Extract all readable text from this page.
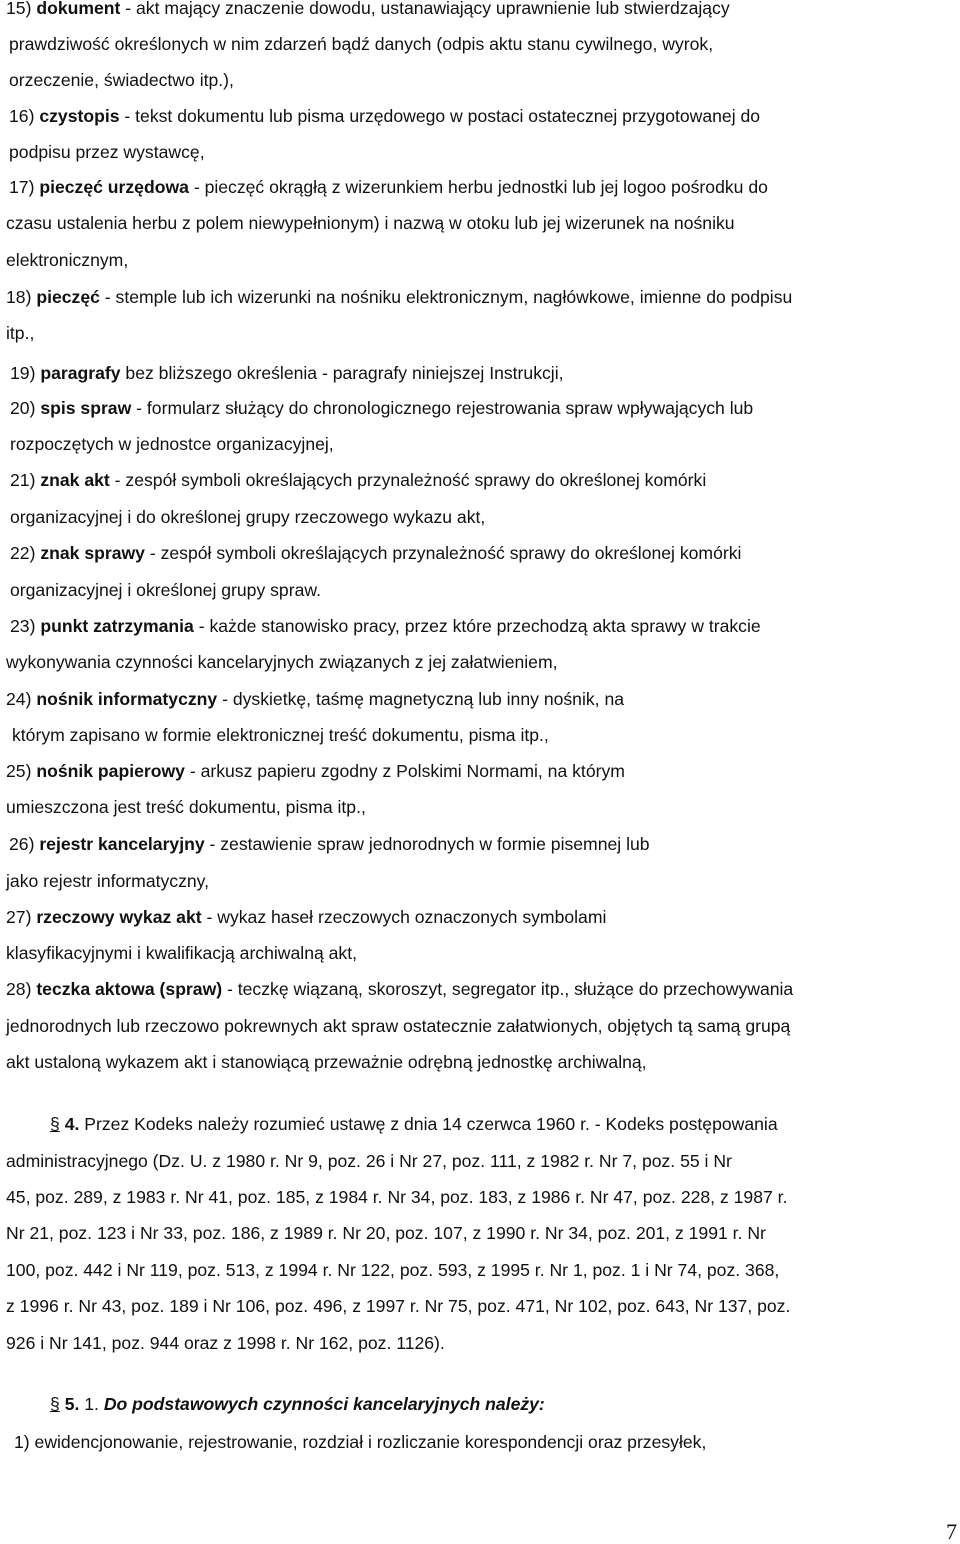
15) dokument - akt mający znaczenie dowodu, ustanawiający uprawnienie lub stwierdzający
prawdziwość określonych w nim zdarzeń bądź danych (odpis aktu stanu cywilnego, wyrok,
orzeczenie, świadectwo itp.),
16) czystopis - tekst dokumentu lub pisma urzędowego w postaci ostatecznej przygotowanej do
podpisu przez wystawcę,
17) pieczęć urzędowa - pieczęć okrągłą z wizerunkiem herbu jednostki lub jej logoo pośrodku do
czasu ustalenia herbu z polem niewypełnionym) i nazwą w otoku lub jej wizerunek na nośniku
elektronicznym,
18) pieczęć - stemple lub ich wizerunki na nośniku elektronicznym, nagłówkowe, imienne do podpisu
itp.,
19) paragrafy bez bliższego określenia - paragrafy niniejszej Instrukcji,
20) spis spraw - formularz służący do chronologicznego rejestrowania spraw wpływających lub
rozpoczętych w jednostce organizacyjnej,
21) znak akt - zespół symboli określających przynależność sprawy do określonej komórki
organizacyjnej i do określonej grupy rzeczowego wykazu akt,
22) znak sprawy - zespół symboli określających przynależność sprawy do określonej komórki
organizacyjnej i określonej grupy spraw.
23) punkt zatrzymania - każde stanowisko pracy, przez które przechodzą akta sprawy w trakcie
wykonywania czynności kancelaryjnych związanych z jej załatwieniem,
24) nośnik informatyczny - dyskietkę, taśmę magnetyczną lub inny nośnik, na
którym zapisano w formie elektronicznej treść dokumentu, pisma itp.,
25) nośnik papierowy - arkusz papieru zgodny z Polskimi Normami, na którym
umieszczona jest treść dokumentu, pisma itp.,
26) rejestr kancelaryjny - zestawienie spraw jednorodnych w formie pisemnej lub
jako rejestr informatyczny,
27) rzeczowy wykaz akt - wykaz haseł rzeczowych oznaczonych symbolami
klasyfikacyjnymi i kwalifikacją archiwalną akt,
28) teczka aktowa (spraw) - teczkę wiązaną, skoroszyt, segregator itp., służące do przechowywania
jednorodnych lub rzeczowo pokrewnych akt spraw ostatecznie załatwionych, objętych tą samą grupą
akt ustaloną wykazem akt i stanowiącą przeważnie odrębną jednostkę archiwalną,
§ 4. Przez Kodeks należy rozumieć ustawę z dnia 14 czerwca 1960 r. - Kodeks postępowania
administracyjnego (Dz. U. z 1980 r. Nr 9, poz. 26 i Nr 27, poz. 111, z 1982 r. Nr 7, poz. 55 i Nr
45, poz. 289, z 1983 r. Nr 41, poz. 185, z 1984 r. Nr 34, poz. 183, z 1986 r. Nr 47, poz. 228, z 1987 r.
Nr 21, poz. 123 i Nr 33, poz. 186, z 1989 r. Nr 20, poz. 107, z 1990 r. Nr 34, poz. 201, z 1991 r. Nr
100, poz. 442 i Nr 119, poz. 513, z 1994 r. Nr 122, poz. 593, z 1995 r. Nr 1, poz. 1 i Nr 74, poz. 368,
z 1996 r. Nr 43, poz. 189 i Nr 106, poz. 496, z 1997 r. Nr 75, poz. 471, Nr 102, poz. 643, Nr 137, poz.
926 i Nr 141, poz. 944 oraz z 1998 r. Nr 162, poz. 1126).
§ 5. 1. Do podstawowych czynności kancelaryjnych należy:
1) ewidencjonowanie, rejestrowanie, rozdział i rozliczanie korespondencji oraz przesyłek,
7
